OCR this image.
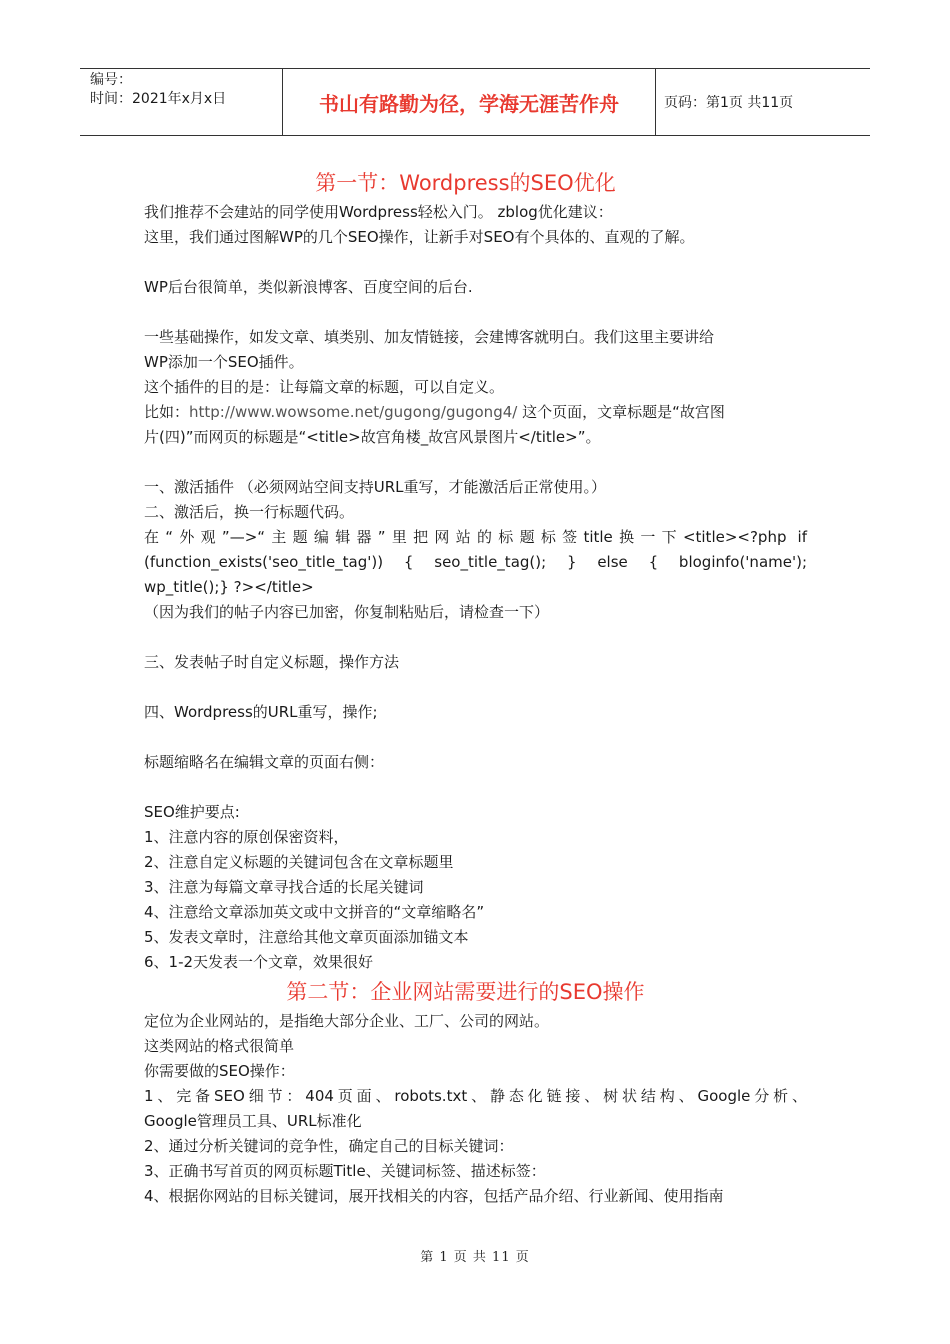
编号：
时间：2021年x月x日	书山有路勤为径，学海无涯苦作舟	页码：第1页 共11页
第一节：Wordpress的SEO优化
我们推荐不会建站的同学使用Wordpress轻松入门。 zblog优化建议：
这里，我们通过图解WP的几个SEO操作，让新手对SEO有个具体的、直观的了解。
WP后台很简单，类似新浪博客、百度空间的后台.
一些基础操作，如发文章、填类别、加友情链接，会建博客就明白。我们这里主要讲给
WP添加一个SEO插件。
这个插件的目的是：让每篇文章的标题，可以自定义。
比如：http://www.wowsome.net/gugong/gugong4/ 这个页面，文章标题是“故宫图
片(四)”而网页的标题是“<title>故宫角楼_故宫风景图片</title>”。
一、激活插件 （必须网站空间支持URL重写，才能激活后正常使用。）
二、激活后，换一行标题代码。
在“外观”—>“主题编辑器”里把网站的标题标签title换一下<title><?php if
(function_exists('seo_title_tag')) { seo_title_tag(); } else { bloginfo('name');
wp_title();} ?></title>
（因为我们的帖子内容已加密，你复制粘贴后，请检查一下）
三、发表帖子时自定义标题，操作方法
四、Wordpress的URL重写，操作;
标题缩略名在编辑文章的页面右侧：
SEO维护要点:
1、注意内容的原创保密资料，
2、注意自定义标题的关键词包含在文章标题里
3、注意为每篇文章寻找合适的长尾关键词
4、注意给文章添加英文或中文拼音的“文章缩略名”
5、发表文章时，注意给其他文章页面添加锚文本
6、1-2天发表一个文章，效果很好
第二节：企业网站需要进行的SEO操作
定位为企业网站的，是指绝大部分企业、工厂、公司的网站。
这类网站的格式很简单
你需要做的SEO操作：
1、完备SEO细节：404页面、robots.txt、静态化链接、树状结构、Google分析、
Google管理员工具、URL标准化
2、通过分析关键词的竞争性，确定自己的目标关键词：
3、正确书写首页的网页标题Title、关键词标签、描述标签：
4、根据你网站的目标关键词，展开找相关的内容，包括产品介绍、行业新闻、使用指南
第 1 页 共 11 页
